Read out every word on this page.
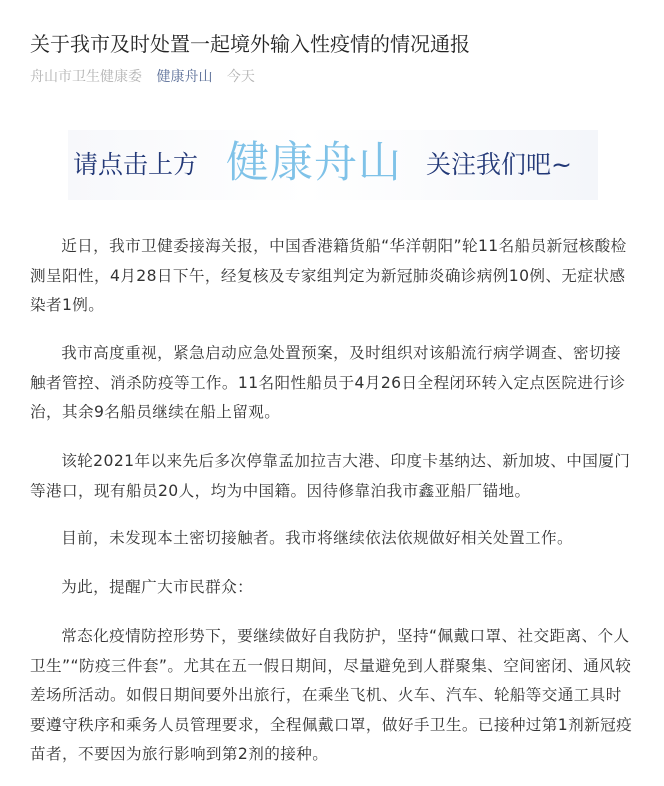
关于我市及时处置一起境外输入性疫情的情况通报
舟山市卫生健康委 健康舟山 今天
请点击上方 健康舟山 关注我们吧~

近日，我市卫健委接海关报，中国香港籍货船“华洋朝阳”轮11名船员新冠核酸检测呈阳性，4月28日下午，经复核及专家组判定为新冠肺炎确诊病例10例、无症状感染者1例。

我市高度重视，紧急启动应急处置预案，及时组织对该船流行病学调查、密切接触者管控、消杀防疫等工作。11名阳性船员于4月26日全程闭环转入定点医院进行诊治，其余9名船员继续在船上留观。

该轮2021年以来先后多次停靠孟加拉吉大港、印度卡基纳达、新加坡、中国厦门等港口，现有船员20人，均为中国籍。因待修靠泊我市鑫亚船厂锚地。

目前，未发现本土密切接触者。我市将继续依法依规做好相关处置工作。

为此，提醒广大市民群众：

常态化疫情防控形势下，要继续做好自我防护，坚持“佩戴口罩、社交距离、个人卫生”“防疫三件套”。尤其在五一假日期间，尽量避免到人群聚集、空间密闭、通风较差场所活动。如假日期间要外出旅行，在乘坐飞机、火车、汽车、轮船等交通工具时要遵守秩序和乘务人员管理要求，全程佩戴口罩，做好手卫生。已接种过第1剂新冠疫苗者，不要因为旅行影响到第2剂的接种。
